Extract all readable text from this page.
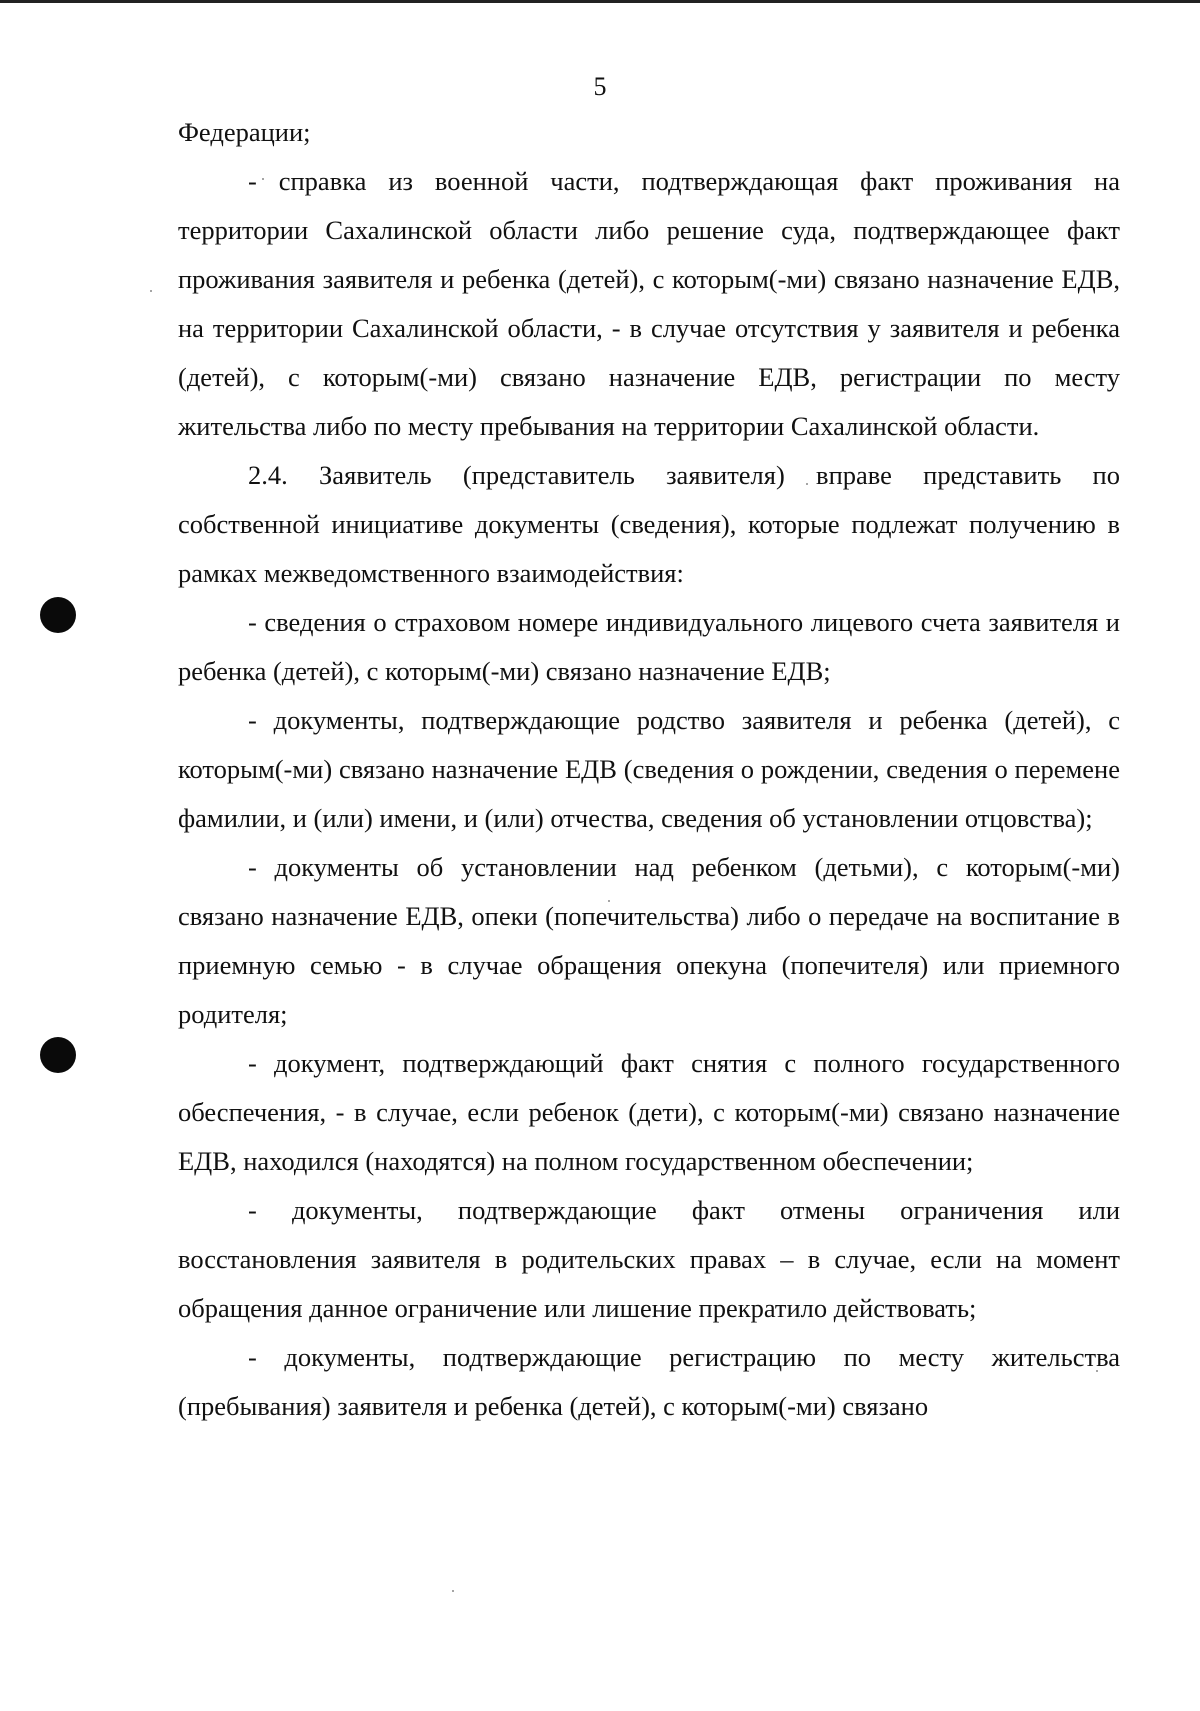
5

Федерации;

- справка из военной части, подтверждающая факт проживания на территории Сахалинской области либо решение суда, подтверждающее факт проживания заявителя и ребенка (детей), с которым(-ми) связано назначение ЕДВ, на территории Сахалинской области, - в случае отсутствия у заявителя и ребенка (детей), с которым(-ми) связано назначение ЕДВ, регистрации по месту жительства либо по месту пребывания на территории Сахалинской области.

2.4. Заявитель (представитель заявителя) вправе представить по собственной инициативе документы (сведения), которые подлежат получению в рамках межведомственного взаимодействия:

- сведения о страховом номере индивидуального лицевого счета заявителя и ребенка (детей), с которым(-ми) связано назначение ЕДВ;

- документы, подтверждающие родство заявителя и ребенка (детей), с которым(-ми) связано назначение ЕДВ (сведения о рождении, сведения о перемене фамилии, и (или) имени, и (или) отчества, сведения об установлении отцовства);

- документы об установлении над ребенком (детьми), с которым(-ми) связано назначение ЕДВ, опеки (попечительства) либо о передаче на воспитание в приемную семью - в случае обращения опекуна (попечителя) или приемного родителя;

- документ, подтверждающий факт снятия с полного государственного обеспечения, - в случае, если ребенок (дети), с которым(-ми) связано назначение ЕДВ, находился (находятся) на полном государственном обеспечении;

- документы, подтверждающие факт отмены ограничения или восстановления заявителя в родительских правах – в случае, если на момент обращения данное ограничение или лишение прекратило действовать;

- документы, подтверждающие регистрацию по месту жительства (пребывания) заявителя и ребенка (детей), с которым(-ми) связано
